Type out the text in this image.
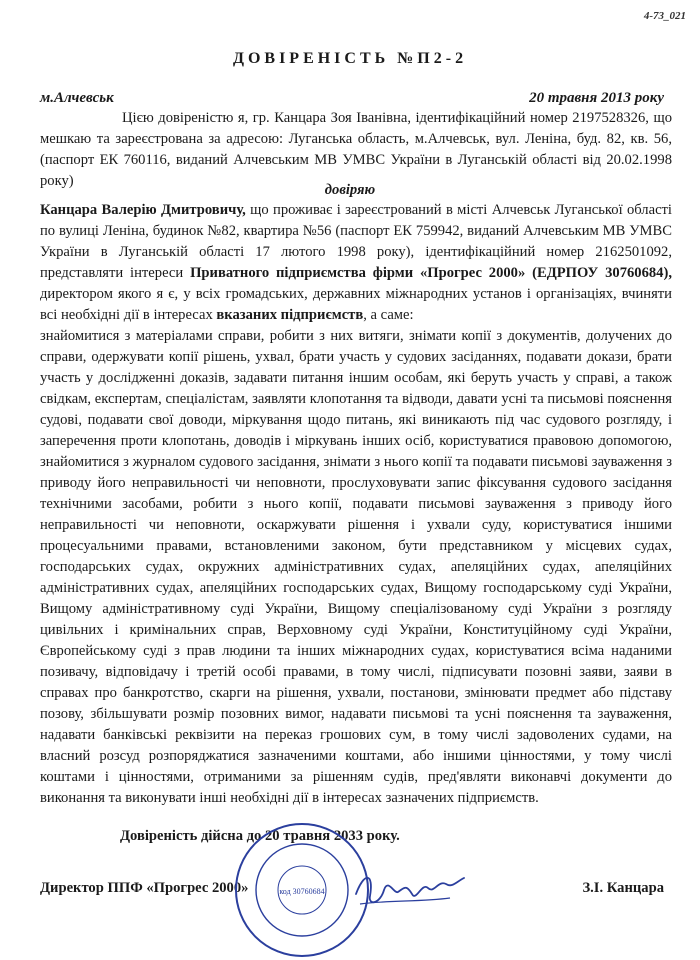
4-73_021
ДОВІРЕНІСТЬ №П2-2
м.Алчевськ	20 травня 2013 року
Цією довіреністю я, гр. Канцара Зоя Іванівна, ідентифікаційний номер 2197528326, що мешкаю та зареєстрована за адресою: Луганська область, м.Алчевськ, вул. Леніна, буд. 82, кв. 56, (паспорт ЕК 760116, виданий Алчевським МВ УМВС України в Луганській області від 20.02.1998 року)
довіряю
Канцара Валерію Дмитровичу, що проживає і зареєстрований в місті Алчевськ Луганської області по вулиці Леніна, будинок №82, квартира №56 (паспорт ЕК 759942, виданий Алчевським МВ УМВС України в Луганській області 17 лютого 1998 року), ідентифікаційний номер 2162501092, представляти інтереси Приватного підприємства фірми «Прогрес 2000» (ЕДРПОУ 30760684), директором якого я є, у всіх громадських, державних міжнародних установ і організаціях, вчиняти всі необхідні дії в інтересах вказаних підприємств, а саме:
знайомитися з матеріалами справи, робити з них витяги, знімати копії з документів, долучених до справи, одержувати копії рішень, ухвал, брати участь у судових засіданнях, подавати докази, брати участь у дослідженні доказів, задавати питання іншим особам, які беруть участь у справі, а також свідкам, експертам, спеціалістам, заявляти клопотання та відводи, давати усні та письмові пояснення судові, подавати свої доводи, міркування щодо питань, які виникають під час судового розгляду, і заперечення проти клопотань, доводів і міркувань інших осіб, користуватися правовою допомогою, знайомитися з журналом судового засідання, знімати з нього копії та подавати письмові зауваження з приводу його неправильності чи неповноти, прослуховувати запис фіксування судового засідання технічними засобами, робити з нього копії, подавати письмові зауваження з приводу його неправильності чи неповноти, оскаржувати рішення і ухвали суду, користуватися іншими процесуальними правами, встановленими законом, бути представником у місцевих судах, господарських судах, окружних адміністративних судах, апеляційних судах, апеляційних адміністративних судах, апеляційних господарських судах, Вищому господарському суді України, Вищому адміністративному суді України, Вищому спеціалізованому суді України з розгляду цивільних і кримінальних справ, Верховному суді України, Конституційному суді України, Європейському суді з прав людини та інших міжнародних судах, користуватися всіма наданими позивачу, відповідачу і третій особі правами, в тому числі, підписувати позовні заяви, заяви в справах про банкротство, скарги на рішення, ухвали, постанови, змінювати предмет або підставу позову, збільшувати розмір позовних вимог, надавати письмові та усні пояснення та зауваження, надавати банківські реквізити на переказ грошових сум, в тому числі задоволених судами, на власний розсуд розпоряджатися зазначеними коштами, або іншими цінностями, у тому числі коштами і цінностями, отриманими за рішенням судів, пред'являти виконавчі документи до виконання та виконувати інші необхідні дії в інтересах зазначених підприємств.
Довіреність дійсна до 20 травня 2033 року.
Директор ППФ «Прогрес 2000»	З.І. Канцара
код 30760684
